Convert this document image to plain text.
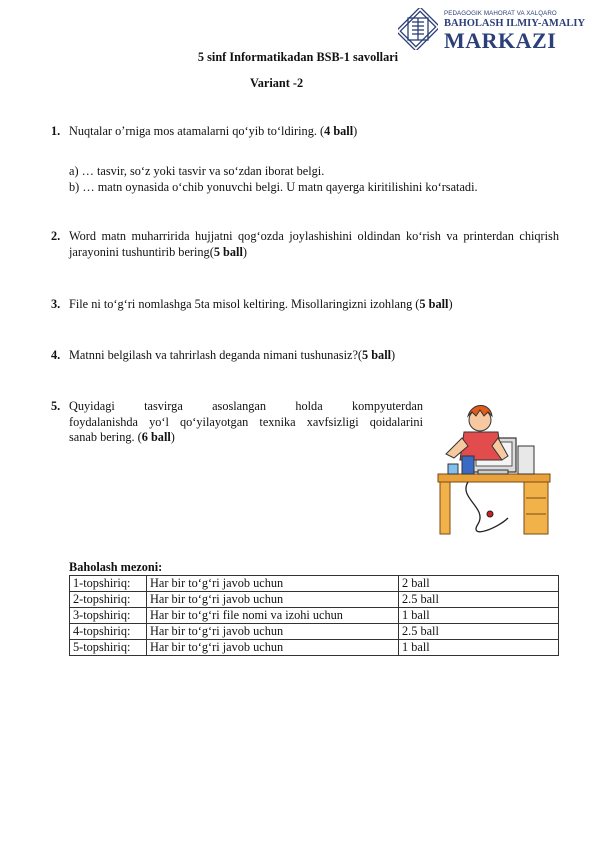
PEDAGOGIK MAHORAT VA XALQARO
BAHOLASH ILMIY-AMALIY
MARKAZI
5 sinf Informatikadan BSB-1 savollari
Variant -2
1. Nuqtalar o’rniga mos atamalarni qo‘yib to‘ldiring. (4 ball)
a) … tasvir, so‘z yoki tasvir va so‘zdan iborat belgi.
b) … matn oynasida o‘chib yonuvchi belgi. U matn qayerga kiritilishini ko‘rsatadi.
2. Word matn muharririda hujjatni qog‘ozda joylashishini oldindan ko‘rish va printerdan chiqrish jarayonini tushuntirib bering(5 ball)
3. File ni to‘g‘ri nomlashga 5ta misol keltiring. Misollaringizni izohlang (5 ball)
4. Matnni belgilash va tahrirlash deganda nimani tushunasiz?(5 ball)
5. Quyidagi tasvirga asoslangan holda kompyuterdan
foydalanishda yo‘l qo‘yilayotgan texnika xavfsizligi qoidalarini
sanab bering. (6 ball)
Baholash mezoni:
1-topshiriq:	Har bir to‘g‘ri javob uchun	2 ball
2-topshiriq:	Har bir to‘g‘ri javob uchun	2.5 ball
3-topshiriq:	Har bir to‘g‘ri file nomi va izohi uchun	1 ball
4-topshiriq:	Har bir to‘g‘ri javob uchun	2.5 ball
5-topshiriq:	Har bir to‘g‘ri javob uchun	1 ball
